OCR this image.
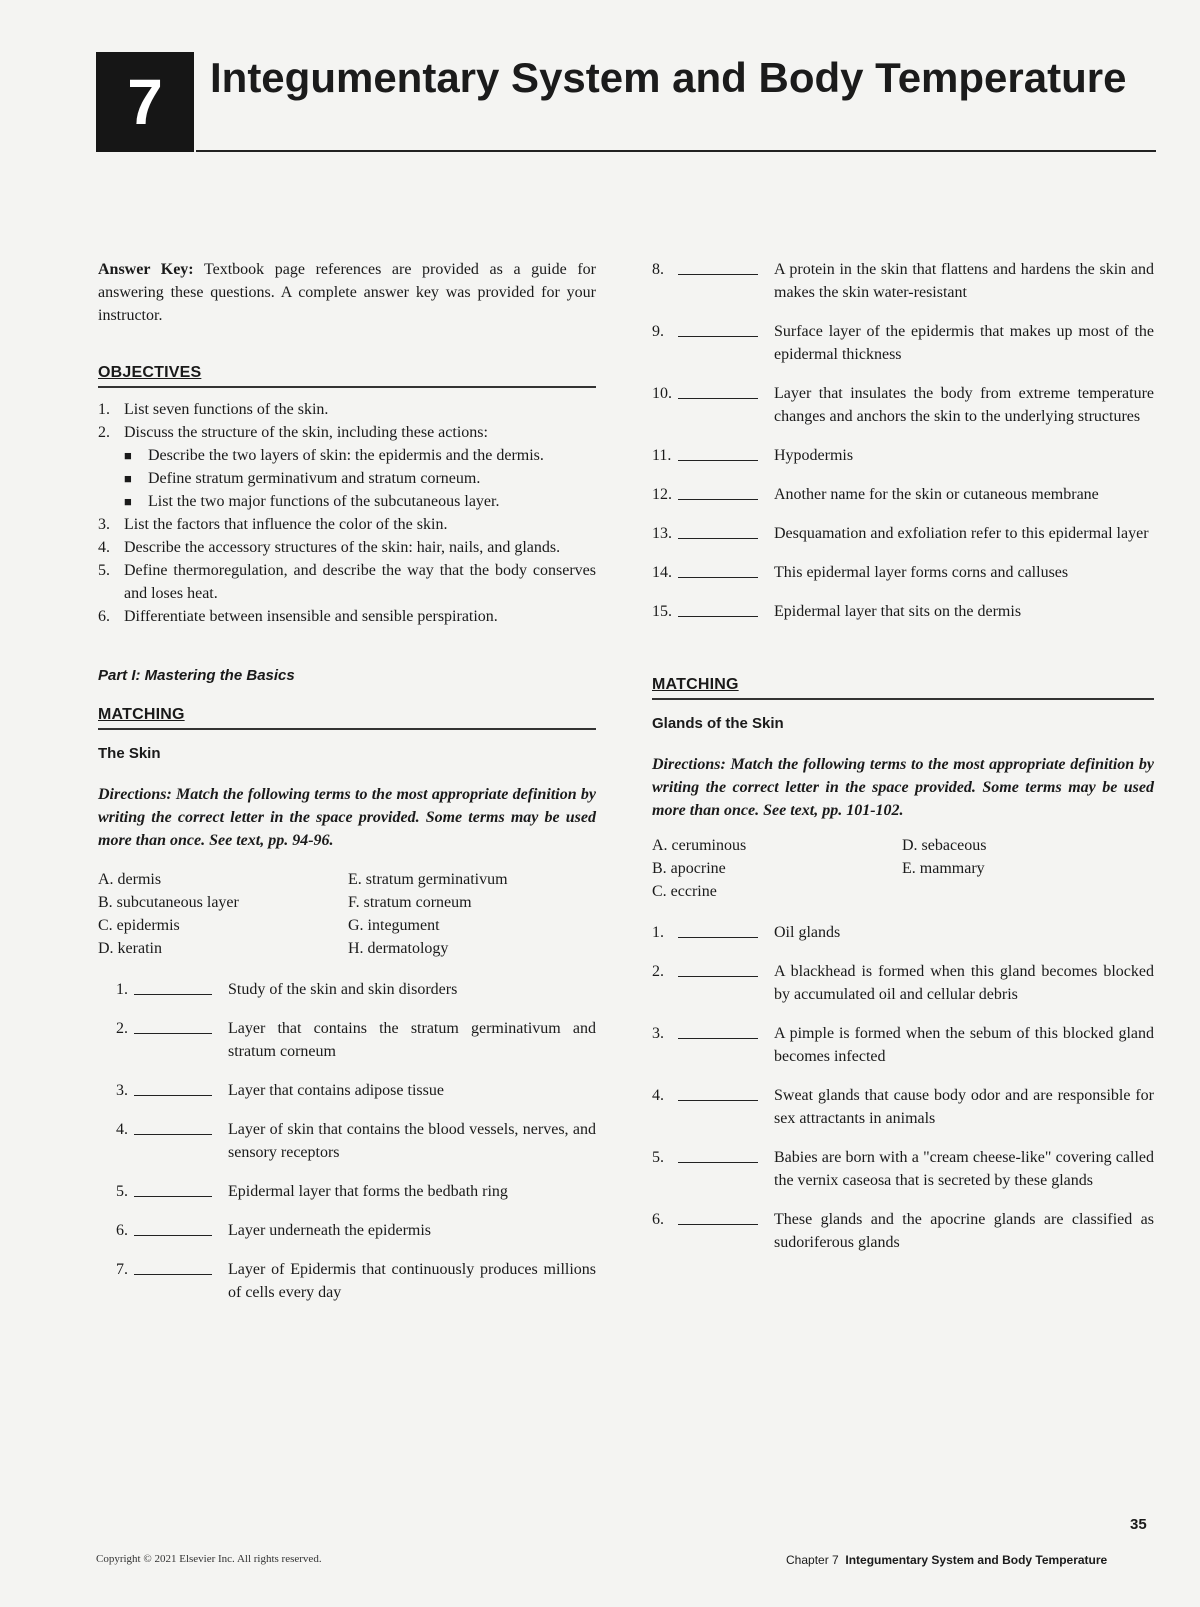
7	Integumentary System and Body Temperature
Answer Key: Textbook page references are provided as a guide for answering these questions. A complete answer key was provided for your instructor.
OBJECTIVES
1. List seven functions of the skin.
2. Discuss the structure of the skin, including these actions:
■	Describe the two layers of skin: the epidermis and the dermis.
■	Define stratum germinativum and stratum corneum.
■	List the two major functions of the subcutaneous layer.
3. List the factors that influence the color of the skin.
4. Describe the accessory structures of the skin: hair, nails, and glands.
5. Define thermoregulation, and describe the way that the body conserves and loses heat.
6. Differentiate between insensible and sensible perspiration.
Part I: Mastering the Basics
MATCHING
The Skin
Directions: Match the following terms to the most appropriate definition by writing the correct letter in the space provided. Some terms may be used more than once. See text, pp. 94-96.
A. dermis	E. stratum germinativum
B. subcutaneous layer	F. stratum corneum
C. epidermis	G. integument
D. keratin	H. dermatology
1.	Study of the skin and skin disorders
2.	Layer that contains the stratum germinativum and stratum corneum
3.	Layer that contains adipose tissue
4.	Layer of skin that contains the blood vessels, nerves, and sensory receptors
5.	Epidermal layer that forms the bedbath ring
6.	Layer underneath the epidermis
7.	Layer of Epidermis that continuously produces millions of cells every day
8.	A protein in the skin that flattens and hardens the skin and makes the skin water-resistant
9.	Surface layer of the epidermis that makes up most of the epidermal thickness
10.	Layer that insulates the body from extreme temperature changes and anchors the skin to the underlying structures
11.	Hypodermis
12.	Another name for the skin or cutaneous membrane
13.	Desquamation and exfoliation refer to this epidermal layer
14.	This epidermal layer forms corns and calluses
15.	Epidermal layer that sits on the dermis
MATCHING
Glands of the Skin
Directions: Match the following terms to the most appropriate definition by writing the correct letter in the space provided. Some terms may be used more than once. See text, pp. 101-102.
A. ceruminous	D. sebaceous
B. apocrine	E. mammary
C. eccrine
1.	Oil glands
2.	A blackhead is formed when this gland becomes blocked by accumulated oil and cellular debris
3.	A pimple is formed when the sebum of this blocked gland becomes infected
4.	Sweat glands that cause body odor and are responsible for sex attractants in animals
5.	Babies are born with a "cream cheese-like" covering called the vernix caseosa that is secreted by these glands
6.	These glands and the apocrine glands are classified as sudoriferous glands
35
Copyright © 2021 Elsevier Inc. All rights reserved.	Chapter 7 Integumentary System and Body Temperature
